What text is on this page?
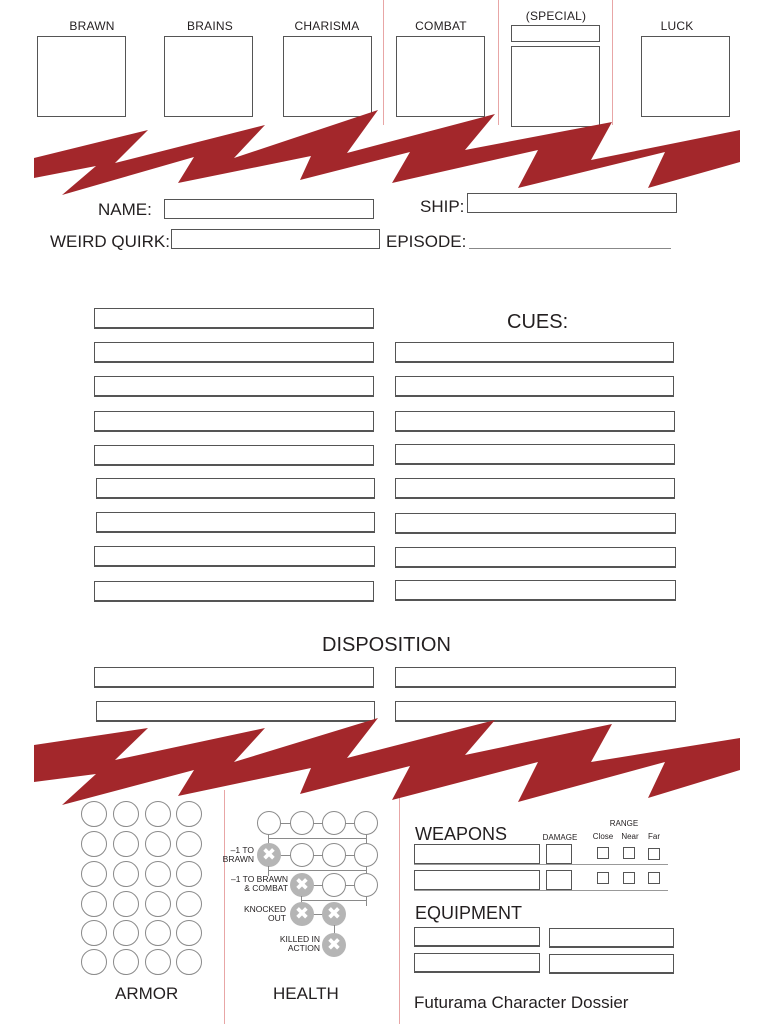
BRAWN	BRAINS	CHARISMA	COMBAT
(SPECIAL)
LUCK
NAME:	SHIP:
WEIRD QUIRK:	EPISODE:
CUES:
DISPOSITION
–1 TO
BRAWN ✖
–1 TO BRAWN
& COMBAT ✖
KNOCKED
OUT ✖ ✖
KILLED IN
ACTION ✖
WEAPONS	DAMAGE
RANGE
Close	Near	Far
EQUIPMENT
ARMOR	HEALTH	Futurama Character Dossier
